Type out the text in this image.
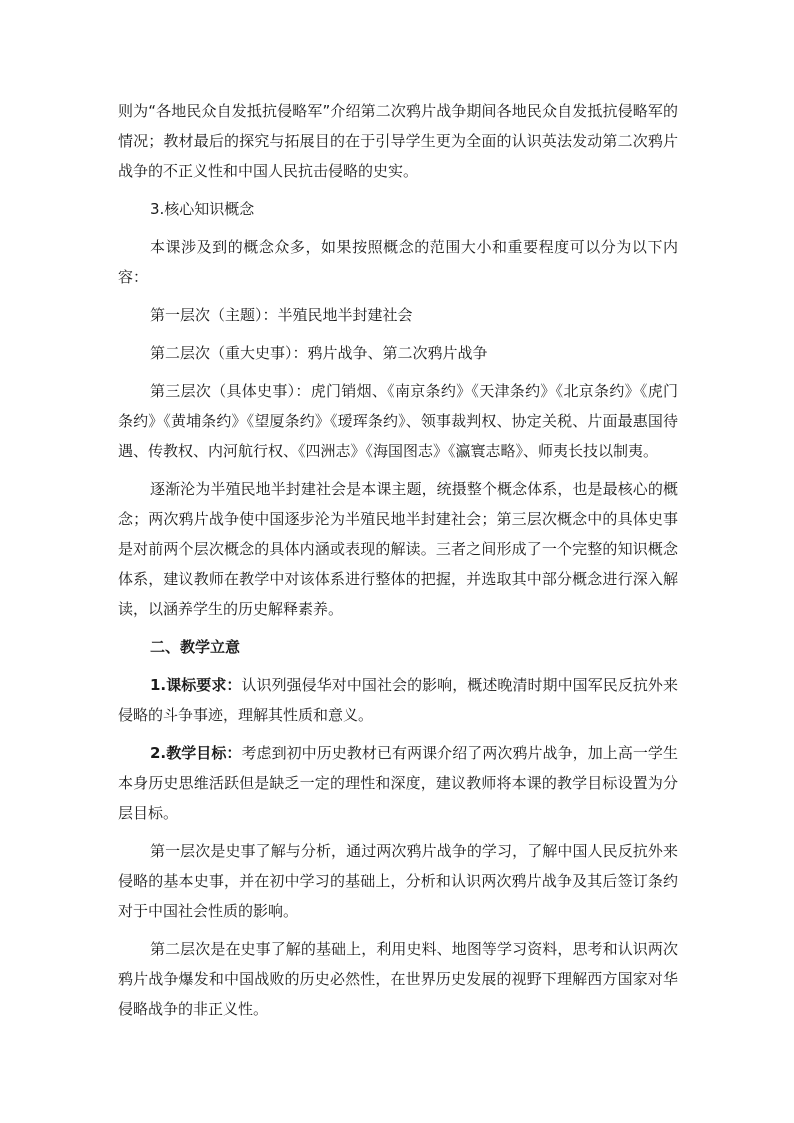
则为“各地民众自发抵抗侵略军”介绍第二次鸦片战争期间各地民众自发抵抗侵略军的情况；教材最后的探究与拓展目的在于引导学生更为全面的认识英法发动第二次鸦片战争的不正义性和中国人民抗击侵略的史实。

3.核心知识概念

本课涉及到的概念众多，如果按照概念的范围大小和重要程度可以分为以下内容：

第一层次（主题）：半殖民地半封建社会

第二层次（重大史事）：鸦片战争、第二次鸦片战争

第三层次（具体史事）：虎门销烟、《南京条约》《天津条约》《北京条约》《虎门条约》《黄埔条约》《望厦条约》《瑷珲条约》、领事裁判权、协定关税、片面最惠国待遇、传教权、内河航行权、《四洲志》《海国图志》《瀛寰志略》、师夷长技以制夷。

逐渐沦为半殖民地半封建社会是本课主题，统摄整个概念体系，也是最核心的概念；两次鸦片战争使中国逐步沦为半殖民地半封建社会；第三层次概念中的具体史事是对前两个层次概念的具体内涵或表现的解读。三者之间形成了一个完整的知识概念体系，建议教师在教学中对该体系进行整体的把握，并选取其中部分概念进行深入解读，以涵养学生的历史解释素养。

二、教学立意

1.课标要求：认识列强侵华对中国社会的影响，概述晚清时期中国军民反抗外来侵略的斗争事迹，理解其性质和意义。

2.教学目标：考虑到初中历史教材已有两课介绍了两次鸦片战争，加上高一学生本身历史思维活跃但是缺乏一定的理性和深度，建议教师将本课的教学目标设置为分层目标。

第一层次是史事了解与分析，通过两次鸦片战争的学习，了解中国人民反抗外来侵略的基本史事，并在初中学习的基础上，分析和认识两次鸦片战争及其后签订条约对于中国社会性质的影响。

第二层次是在史事了解的基础上，利用史料、地图等学习资料，思考和认识两次鸦片战争爆发和中国战败的历史必然性，在世界历史发展的视野下理解西方国家对华侵略战争的非正义性。
